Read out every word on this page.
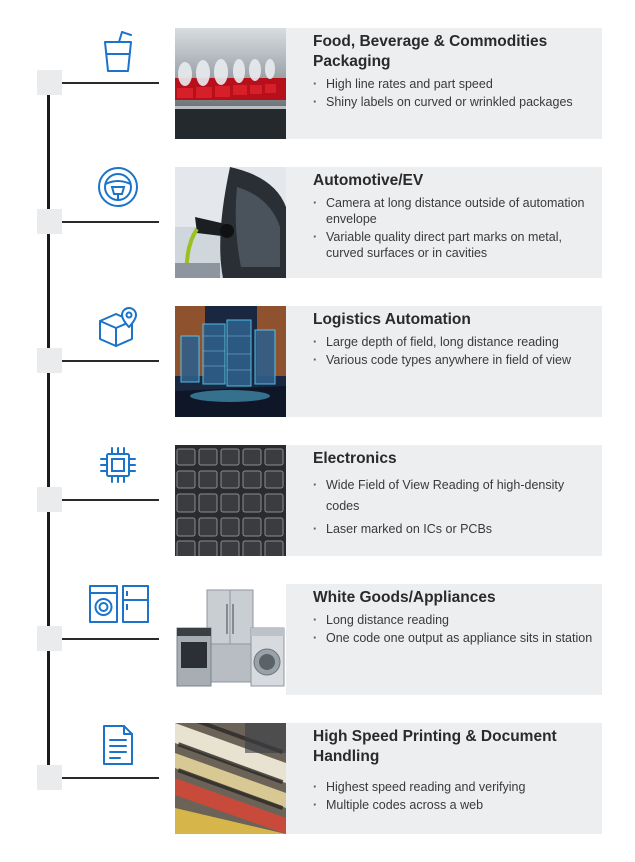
Food, Beverage & Commodities Packaging
· High line rates and part speed
· Shiny labels on curved or wrinkled packages
Automotive/EV
· Camera at long distance outside of automation envelope
· Variable quality direct part marks on metal, curved surfaces or in cavities
Logistics Automation
· Large depth of field, long distance reading
· Various code types anywhere in field of view
Electronics
· Wide Field of View Reading of high-density codes
· Laser marked on ICs or PCBs
White Goods/Appliances
· Long distance reading
· One code one output as appliance sits in station
High Speed Printing & Document Handling
· Highest speed reading and verifying
· Multiple codes across a web
